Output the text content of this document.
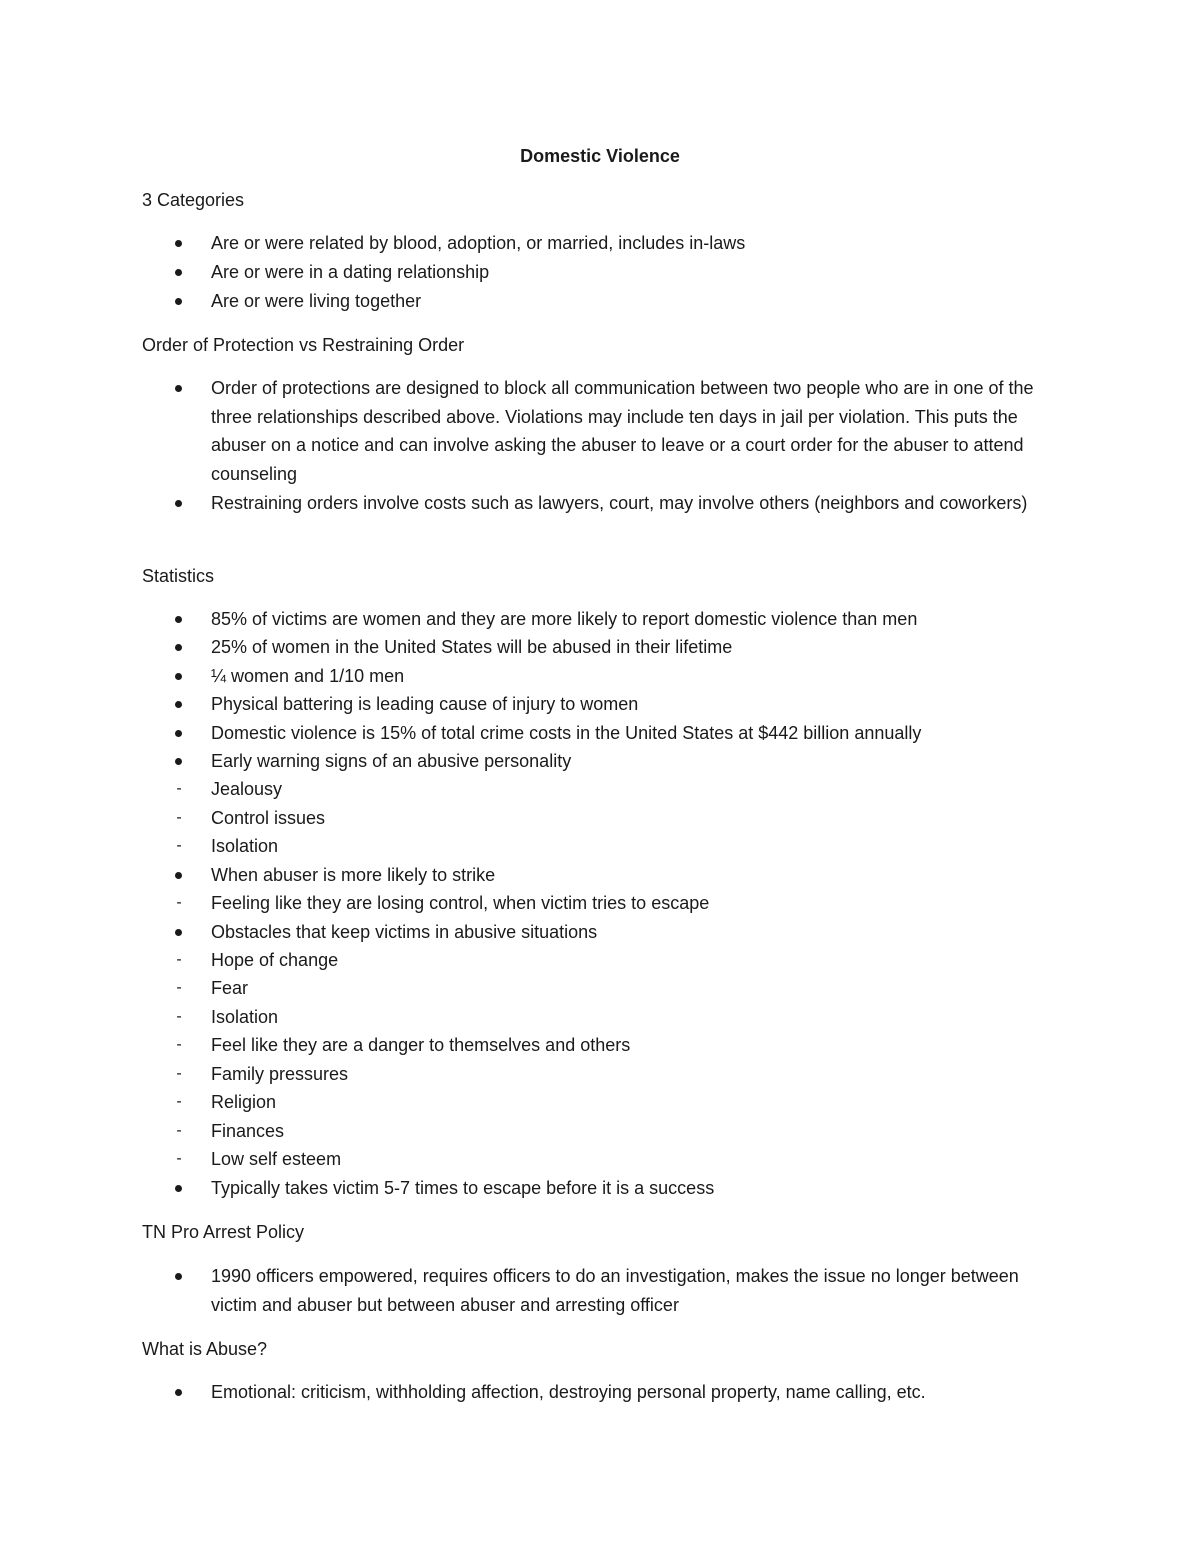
Domestic Violence
3 Categories
Are or were related by blood, adoption, or married, includes in-laws
Are or were in a dating relationship
Are or were living together
Order of Protection vs Restraining Order
Order of protections are designed to block all communication between two people who are in one of the three relationships described above. Violations may include ten days in jail per violation. This puts the abuser on a notice and can involve asking the abuser to leave or a court order for the abuser to attend counseling
Restraining orders involve costs such as lawyers, court, may involve others (neighbors and coworkers)
Statistics
85% of victims are women and they are more likely to report domestic violence than men
25% of women in the United States will be abused in their lifetime
¼ women and 1/10 men
Physical battering is leading cause of injury to women
Domestic violence is 15% of total crime costs in the United States at $442 billion annually
Early warning signs of an abusive personality
- Jealousy
- Control issues
- Isolation
When abuser is more likely to strike
- Feeling like they are losing control, when victim tries to escape
Obstacles that keep victims in abusive situations
- Hope of change
- Fear
- Isolation
- Feel like they are a danger to themselves and others
- Family pressures
- Religion
- Finances
- Low self esteem
Typically takes victim 5-7 times to escape before it is a success
TN Pro Arrest Policy
1990 officers empowered, requires officers to do an investigation, makes the issue no longer between victim and abuser but between abuser and arresting officer
What is Abuse?
Emotional: criticism, withholding affection, destroying personal property, name calling, etc.
